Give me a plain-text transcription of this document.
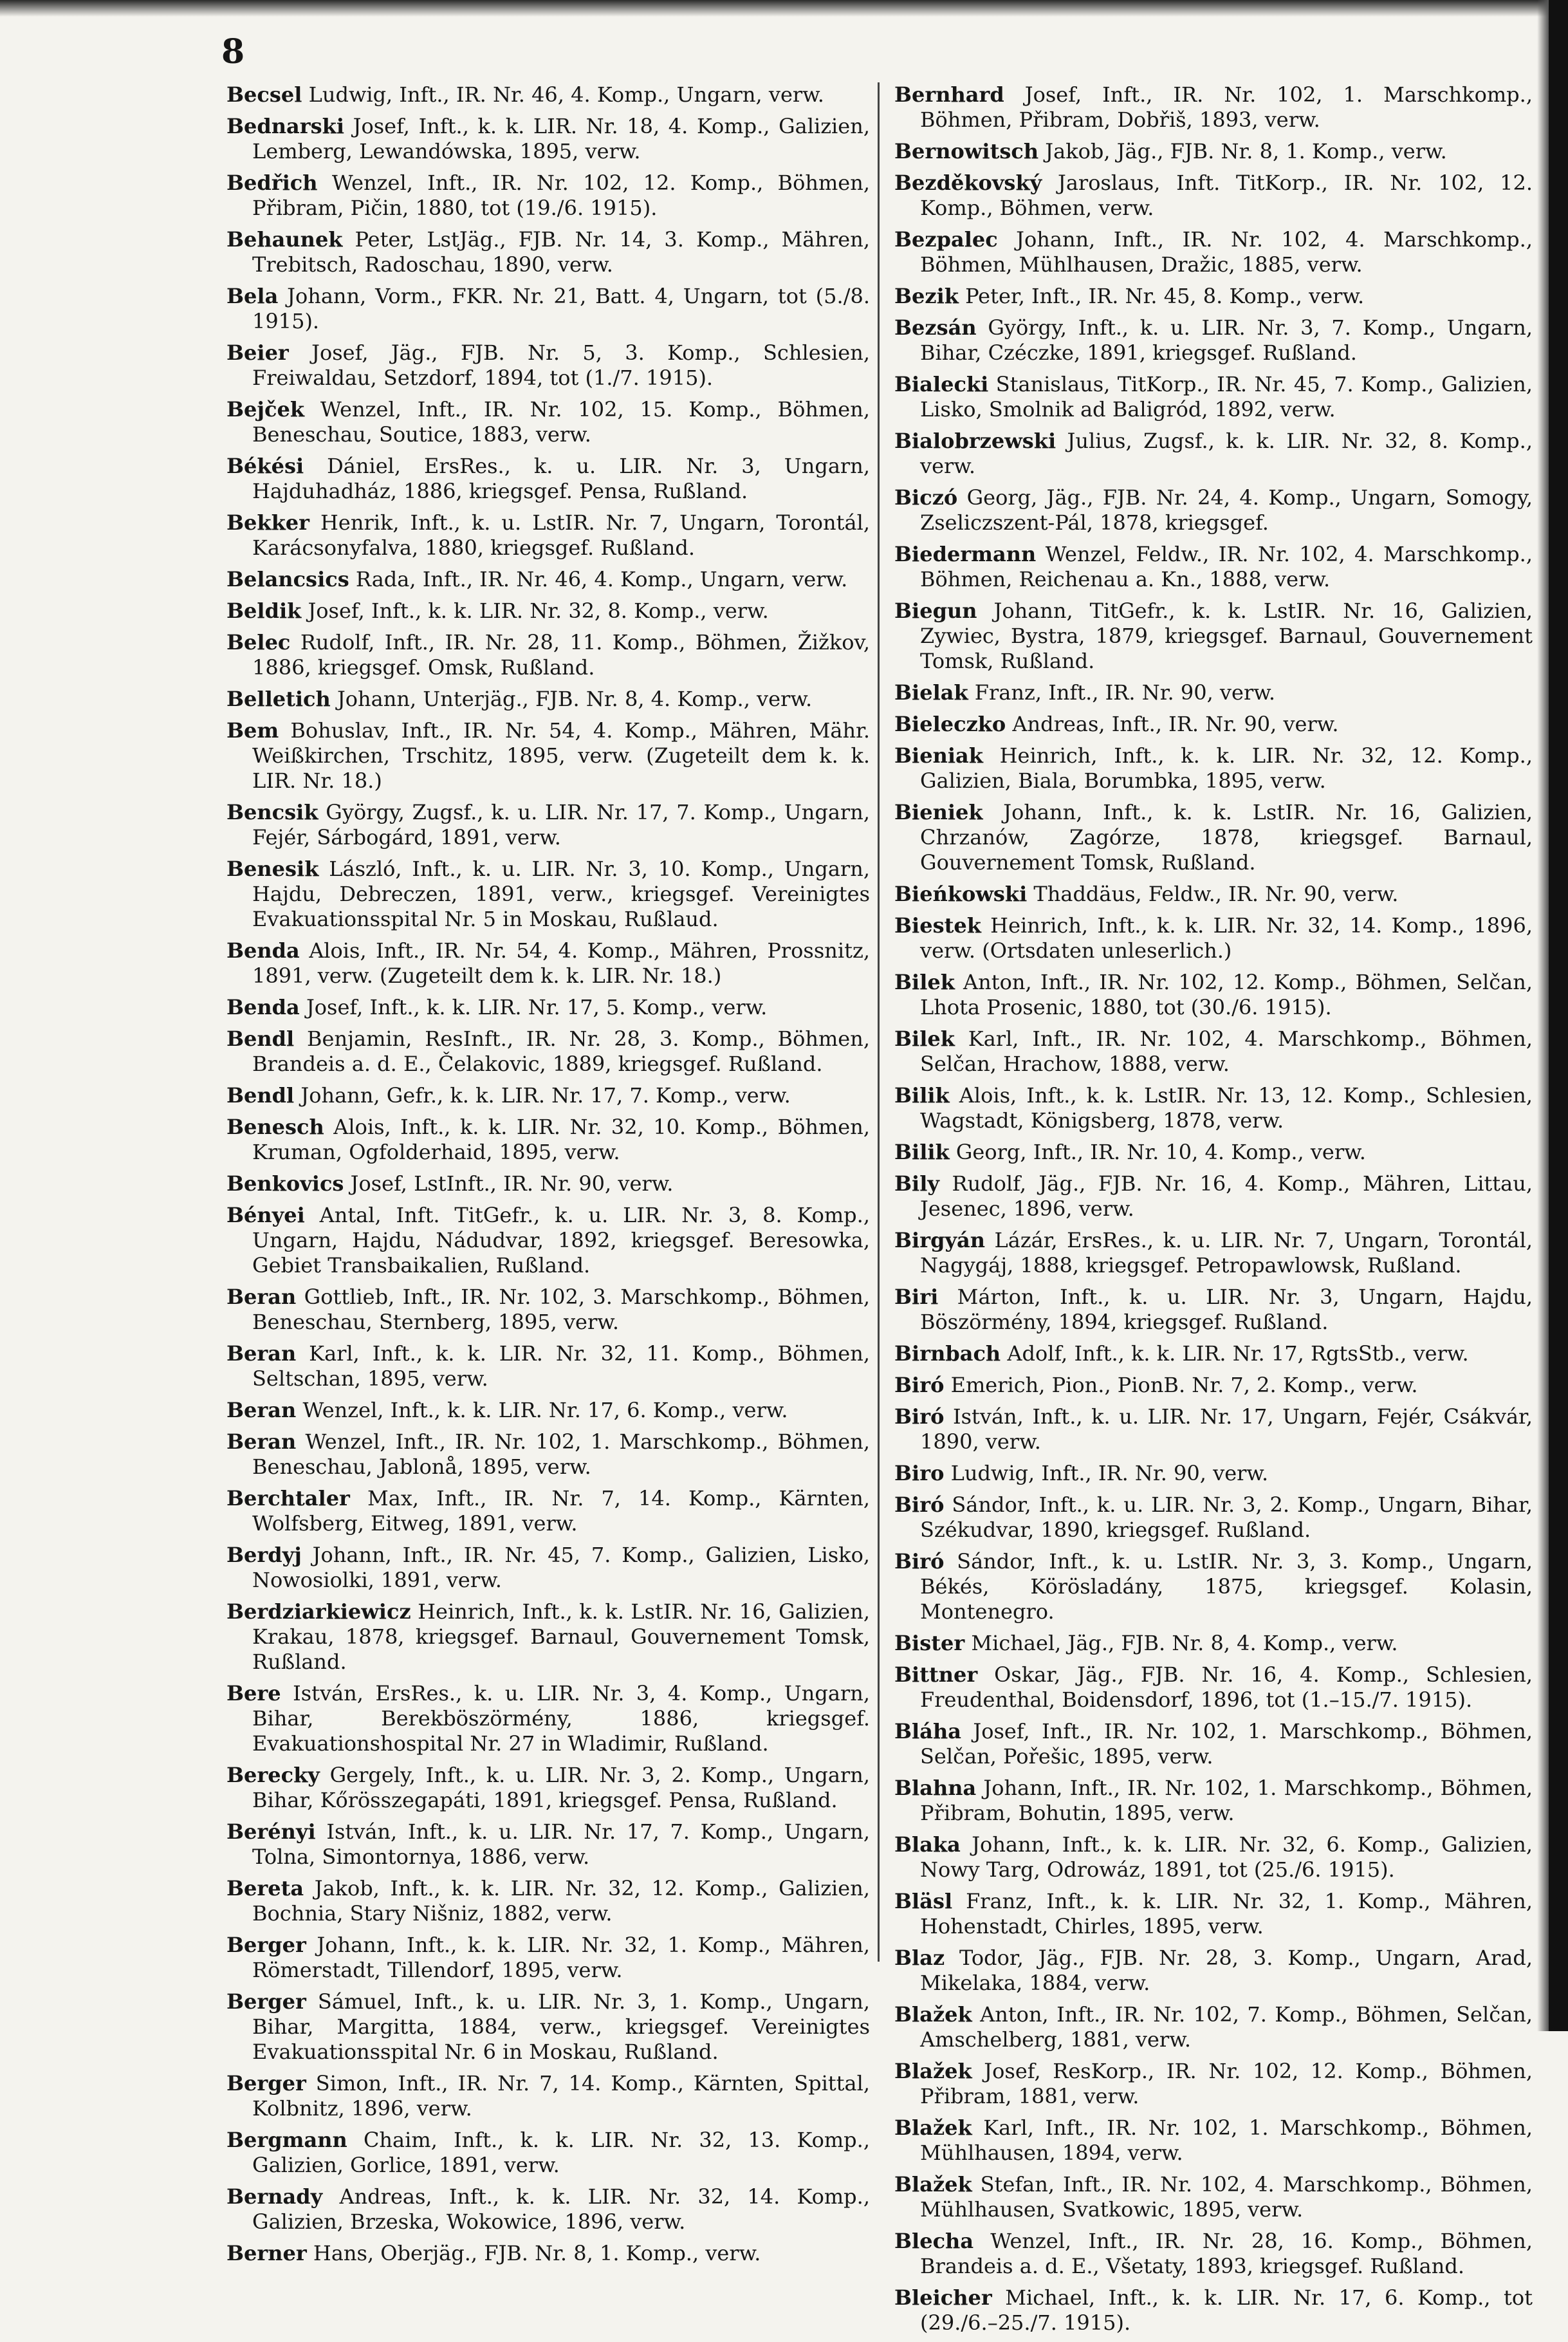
8

Becsel Ludwig, Inft., IR. Nr. 46, 4. Komp., Ungarn, verw.

Bednarski Josef, Inft., k. k. LIR. Nr. 18, 4. Komp., Galizien, Lemberg, Lewandówska, 1895, verw.

Bedřich Wenzel, Inft., IR. Nr. 102, 12. Komp., Böhmen, Přibram, Pičin, 1880, tot (19./6. 1915).

Behaunek Peter, LstJäg., FJB. Nr. 14, 3. Komp., Mähren, Trebitsch, Radoschau, 1890, verw.

Bela Johann, Vorm., FKR. Nr. 21, Batt. 4, Ungarn, tot (5./8. 1915).

Beier Josef, Jäg., FJB. Nr. 5, 3. Komp., Schlesien, Freiwaldau, Setzdorf, 1894, tot (1./7. 1915).

Bejček Wenzel, Inft., IR. Nr. 102, 15. Komp., Böhmen, Beneschau, Soutice, 1883, verw.

Békési Dániel, ErsRes., k. u. LIR. Nr. 3, Ungarn, Hajduhadház, 1886, kriegsgef. Pensa, Rußland.

Bekker Henrik, Inft., k. u. LstIR. Nr. 7, Ungarn, Torontál, Karácsonyfalva, 1880, kriegsgef. Rußland.

Belancsics Rada, Inft., IR. Nr. 46, 4. Komp., Ungarn, verw.

Beldik Josef, Inft., k. k. LIR. Nr. 32, 8. Komp., verw.

Belec Rudolf, Inft., IR. Nr. 28, 11. Komp., Böhmen, Žižkov, 1886, kriegsgef. Omsk, Rußland.

Belletich Johann, Unterjäg., FJB. Nr. 8, 4. Komp., verw.

Bem Bohuslav, Inft., IR. Nr. 54, 4. Komp., Mähren, Mähr. Weißkirchen, Trschitz, 1895, verw. (Zugeteilt dem k. k. LIR. Nr. 18.)

Bencsik György, Zugsf., k. u. LIR. Nr. 17, 7. Komp., Ungarn, Fejér, Sárbogárd, 1891, verw.

Benesik László, Inft., k. u. LIR. Nr. 3, 10. Komp., Ungarn, Hajdu, Debreczen, 1891, verw., kriegsgef. Vereinigtes Evakuationsspital Nr. 5 in Moskau, Rußlaud.

Benda Alois, Inft., IR. Nr. 54, 4. Komp., Mähren, Prossnitz, 1891, verw. (Zugeteilt dem k. k. LIR. Nr. 18.)

Benda Josef, Inft., k. k. LIR. Nr. 17, 5. Komp., verw.

Bendl Benjamin, ResInft., IR. Nr. 28, 3. Komp., Böhmen, Brandeis a. d. E., Čelakovic, 1889, kriegsgef. Rußland.

Bendl Johann, Gefr., k. k. LIR. Nr. 17, 7. Komp., verw.

Benesch Alois, Inft., k. k. LIR. Nr. 32, 10. Komp., Böhmen, Kruman, Ogfolderhaid, 1895, verw.

Benkovics Josef, LstInft., IR. Nr. 90, verw.

Bényei Antal, Inft. TitGefr., k. u. LIR. Nr. 3, 8. Komp., Ungarn, Hajdu, Nádudvar, 1892, kriegsgef. Beresowka, Gebiet Transbaikalien, Rußland.

Beran Gottlieb, Inft., IR. Nr. 102, 3. Marschkomp., Böhmen, Beneschau, Sternberg, 1895, verw.

Beran Karl, Inft., k. k. LIR. Nr. 32, 11. Komp., Böhmen, Seltschan, 1895, verw.

Beran Wenzel, Inft., k. k. LIR. Nr. 17, 6. Komp., verw.

Beran Wenzel, Inft., IR. Nr. 102, 1. Marschkomp., Böhmen, Beneschau, Jablonå, 1895, verw.

Berchtaler Max, Inft., IR. Nr. 7, 14. Komp., Kärnten, Wolfsberg, Eitweg, 1891, verw.

Berdyj Johann, Inft., IR. Nr. 45, 7. Komp., Galizien, Lisko, Nowosiolki, 1891, verw.

Berdziarkiewicz Heinrich, Inft., k. k. LstIR. Nr. 16, Galizien, Krakau, 1878, kriegsgef. Barnaul, Gouvernement Tomsk, Rußland.

Bere István, ErsRes., k. u. LIR. Nr. 3, 4. Komp., Ungarn, Bihar, Berekböszörmény, 1886, kriegsgef. Evakuationshospital Nr. 27 in Wladimir, Rußland.

Berecky Gergely, Inft., k. u. LIR. Nr. 3, 2. Komp., Ungarn, Bihar, Kőrösszegapáti, 1891, kriegsgef. Pensa, Rußland.

Berényi István, Inft., k. u. LIR. Nr. 17, 7. Komp., Ungarn, Tolna, Simontornya, 1886, verw.

Bereta Jakob, Inft., k. k. LIR. Nr. 32, 12. Komp., Galizien, Bochnia, Stary Nišniz, 1882, verw.

Berger Johann, Inft., k. k. LIR. Nr. 32, 1. Komp., Mähren, Römerstadt, Tillendorf, 1895, verw.

Berger Sámuel, Inft., k. u. LIR. Nr. 3, 1. Komp., Ungarn, Bihar, Margitta, 1884, verw., kriegsgef. Vereinigtes Evakuationsspital Nr. 6 in Moskau, Rußland.

Berger Simon, Inft., IR. Nr. 7, 14. Komp., Kärnten, Spittal, Kolbnitz, 1896, verw.

Bergmann Chaim, Inft., k. k. LIR. Nr. 32, 13. Komp., Galizien, Gorlice, 1891, verw.

Bernady Andreas, Inft., k. k. LIR. Nr. 32, 14. Komp., Galizien, Brzeska, Wokowice, 1896, verw.

Berner Hans, Oberjäg., FJB. Nr. 8, 1. Komp., verw.

Bernhard Josef, Inft., IR. Nr. 102, 1. Marschkomp., Böhmen, Přibram, Dobřiš, 1893, verw.

Bernowitsch Jakob, Jäg., FJB. Nr. 8, 1. Komp., verw.

Bezděkovský Jaroslaus, Inft. TitKorp., IR. Nr. 102, 12. Komp., Böhmen, verw.

Bezpalec Johann, Inft., IR. Nr. 102, 4. Marschkomp., Böhmen, Mühlhausen, Dražic, 1885, verw.

Bezik Peter, Inft., IR. Nr. 45, 8. Komp., verw.

Bezsán György, Inft., k. u. LIR. Nr. 3, 7. Komp., Ungarn, Bihar, Czéczke, 1891, kriegsgef. Rußland.

Bialecki Stanislaus, TitKorp., IR. Nr. 45, 7. Komp., Galizien, Lisko, Smolnik ad Baligród, 1892, verw.

Bialobrzewski Julius, Zugsf., k. k. LIR. Nr. 32, 8. Komp., verw.

Biczó Georg, Jäg., FJB. Nr. 24, 4. Komp., Ungarn, Somogy, Zseliczszent-Pál, 1878, kriegsgef.

Biedermann Wenzel, Feldw., IR. Nr. 102, 4. Marschkomp., Böhmen, Reichenau a. Kn., 1888, verw.

Biegun Johann, TitGefr., k. k. LstIR. Nr. 16, Galizien, Zywiec, Bystra, 1879, kriegsgef. Barnaul, Gouvernement Tomsk, Rußland.

Bielak Franz, Inft., IR. Nr. 90, verw.

Bieleczko Andreas, Inft., IR. Nr. 90, verw.

Bieniak Heinrich, Inft., k. k. LIR. Nr. 32, 12. Komp., Galizien, Biala, Borumbka, 1895, verw.

Bieniek Johann, Inft., k. k. LstIR. Nr. 16, Galizien, Chrzanów, Zagórze, 1878, kriegsgef. Barnaul, Gouvernement Tomsk, Rußland.

Bieńkowski Thaddäus, Feldw., IR. Nr. 90, verw.

Biestek Heinrich, Inft., k. k. LIR. Nr. 32, 14. Komp., 1896, verw. (Ortsdaten unleserlich.)

Bilek Anton, Inft., IR. Nr. 102, 12. Komp., Böhmen, Selčan, Lhota Prosenic, 1880, tot (30./6. 1915).

Bilek Karl, Inft., IR. Nr. 102, 4. Marschkomp., Böhmen, Selčan, Hrachow, 1888, verw.

Bilik Alois, Inft., k. k. LstIR. Nr. 13, 12. Komp., Schlesien, Wagstadt, Königsberg, 1878, verw.

Bilik Georg, Inft., IR. Nr. 10, 4. Komp., verw.

Bily Rudolf, Jäg., FJB. Nr. 16, 4. Komp., Mähren, Littau, Jesenec, 1896, verw.

Birgyán Lázár, ErsRes., k. u. LIR. Nr. 7, Ungarn, Torontál, Nagygáj, 1888, kriegsgef. Petropawlowsk, Rußland.

Biri Márton, Inft., k. u. LIR. Nr. 3, Ungarn, Hajdu, Böszörmény, 1894, kriegsgef. Rußland.

Birnbach Adolf, Inft., k. k. LIR. Nr. 17, RgtsStb., verw.

Biró Emerich, Pion., PionB. Nr. 7, 2. Komp., verw.

Biró István, Inft., k. u. LIR. Nr. 17, Ungarn, Fejér, Csákvár, 1890, verw.

Biro Ludwig, Inft., IR. Nr. 90, verw.

Biró Sándor, Inft., k. u. LIR. Nr. 3, 2. Komp., Ungarn, Bihar, Székudvar, 1890, kriegsgef. Rußland.

Biró Sándor, Inft., k. u. LstIR. Nr. 3, 3. Komp., Ungarn, Békés, Körösladány, 1875, kriegsgef. Kolasin, Montenegro.

Bister Michael, Jäg., FJB. Nr. 8, 4. Komp., verw.

Bittner Oskar, Jäg., FJB. Nr. 16, 4. Komp., Schlesien, Freudenthal, Boidensdorf, 1896, tot (1.–15./7. 1915).

Bláha Josef, Inft., IR. Nr. 102, 1. Marschkomp., Böhmen, Selčan, Pořešic, 1895, verw.

Blahna Johann, Inft., IR. Nr. 102, 1. Marschkomp., Böhmen, Přibram, Bohutin, 1895, verw.

Blaka Johann, Inft., k. k. LIR. Nr. 32, 6. Komp., Galizien, Nowy Targ, Odrowáz, 1891, tot (25./6. 1915).

Bläsl Franz, Inft., k. k. LIR. Nr. 32, 1. Komp., Mähren, Hohenstadt, Chirles, 1895, verw.

Blaz Todor, Jäg., FJB. Nr. 28, 3. Komp., Ungarn, Arad, Mikelaka, 1884, verw.

Blažek Anton, Inft., IR. Nr. 102, 7. Komp., Böhmen, Selčan, Amschelberg, 1881, verw.

Blažek Josef, ResKorp., IR. Nr. 102, 12. Komp., Böhmen, Přibram, 1881, verw.

Blažek Karl, Inft., IR. Nr. 102, 1. Marschkomp., Böhmen, Mühlhausen, 1894, verw.

Blažek Stefan, Inft., IR. Nr. 102, 4. Marschkomp., Böhmen, Mühlhausen, Svatkowic, 1895, verw.

Blecha Wenzel, Inft., IR. Nr. 28, 16. Komp., Böhmen, Brandeis a. d. E., Všetaty, 1893, kriegsgef. Rußland.

Bleicher Michael, Inft., k. k. LIR. Nr. 17, 6. Komp., tot (29./6.–25./7. 1915).
